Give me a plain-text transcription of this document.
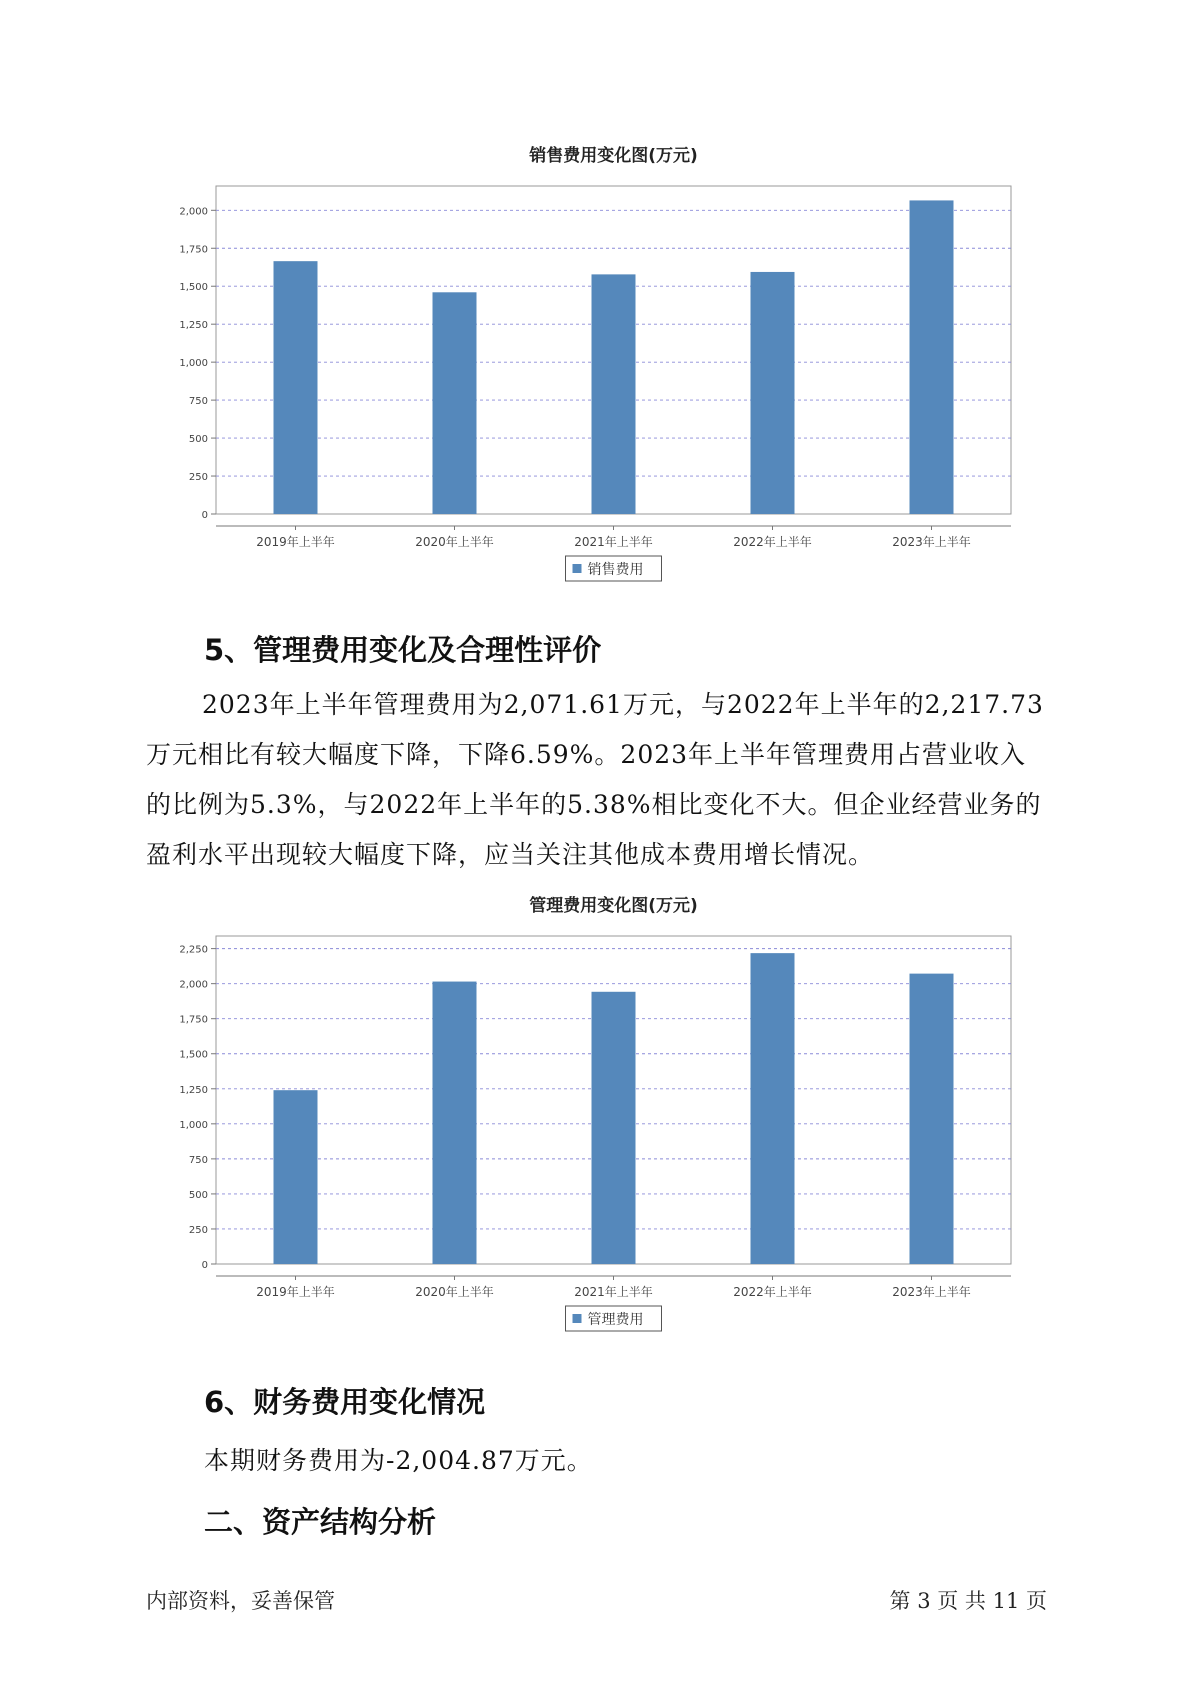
销售费用变化图(万元)
0
250
500
750
1,000
1,250
1,500
1,750
2,000
2019年上半年	2020年上半年	2021年上半年	2022年上半年	2023年上半年
销售费用
5、管理费用变化及合理性评价
2023年上半年管理费用为2,071.61万元，与2022年上半年的2,217.73
万元相比有较大幅度下降，下降6.59%。2023年上半年管理费用占营业收入
的比例为5.3%，与2022年上半年的5.38%相比变化不大。但企业经营业务的
盈利水平出现较大幅度下降，应当关注其他成本费用增长情况。
管理费用变化图(万元)
0
250
500
750
1,000
1,250
1,500
1,750
2,000
2,250
2019年上半年	2020年上半年	2021年上半年	2022年上半年	2023年上半年
管理费用
6、财务费用变化情况

本期财务费用为-2,004.87万元。

二、资产结构分析
内部资料，妥善保管	第 3 页 共 11 页
